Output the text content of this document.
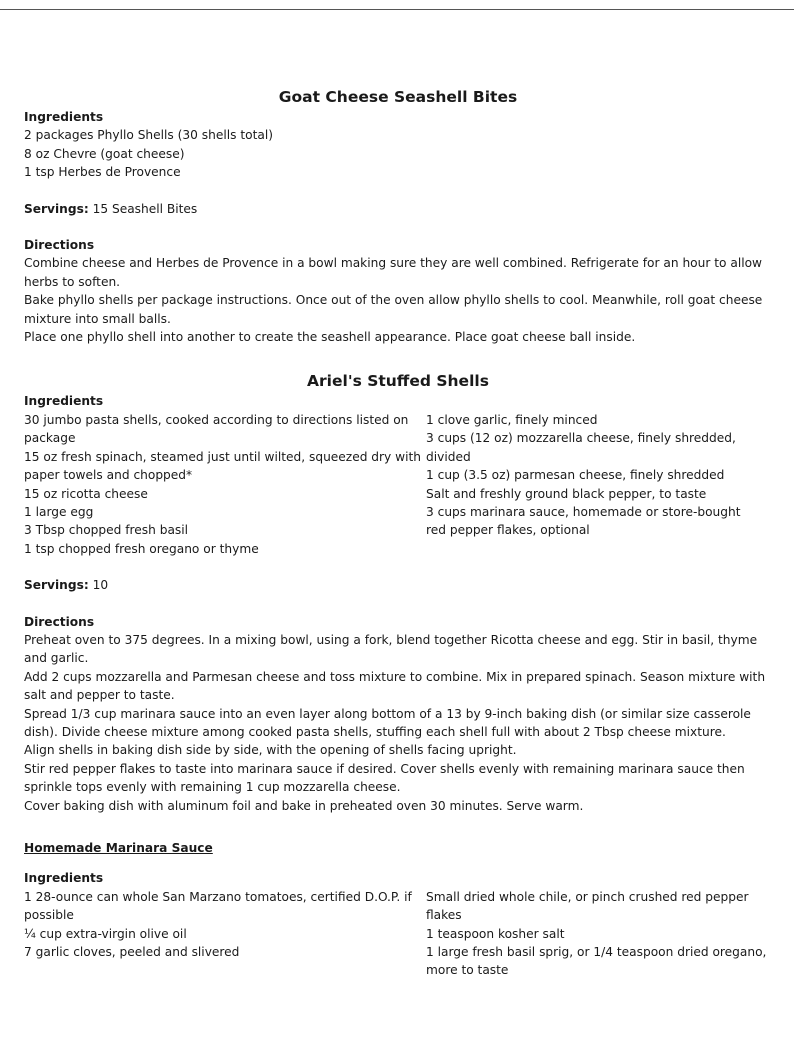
Goat Cheese Seashell Bites
Ingredients

2 packages Phyllo Shells (30 shells total)

8 oz Chevre (goat cheese)

1 tsp Herbes de Provence

Servings: 15 Seashell Bites
Directions

Combine cheese and Herbes de Provence in a bowl making sure they are well combined. Refrigerate for an hour to allow herbs to soften.

Bake phyllo shells per package instructions. Once out of the oven allow phyllo shells to cool. Meanwhile, roll goat cheese mixture into small balls.

Place one phyllo shell into another to create the seashell appearance. Place goat cheese ball inside.

Ariel's Stuffed Shells
Ingredients

30 jumbo pasta shells, cooked according to directions listed on package

15 oz fresh spinach, steamed just until wilted, squeezed dry with paper towels and chopped*

15 oz ricotta cheese

1 large egg

3 Tbsp chopped fresh basil

1 tsp chopped fresh oregano or thyme

1 clove garlic, finely minced

3 cups (12 oz) mozzarella cheese, finely shredded, divided

1 cup (3.5 oz) parmesan cheese, finely shredded

Salt and freshly ground black pepper, to taste

3 cups marinara sauce, homemade or store-bought

red pepper flakes, optional

Servings: 10
Directions

Preheat oven to 375 degrees. In a mixing bowl, using a fork, blend together Ricotta cheese and egg. Stir in basil, thyme and garlic.

Add 2 cups mozzarella and Parmesan cheese and toss mixture to combine. Mix in prepared spinach. Season mixture with salt and pepper to taste.

Spread 1/3 cup marinara sauce into an even layer along bottom of a 13 by 9-inch baking dish (or similar size casserole dish). Divide cheese mixture among cooked pasta shells, stuffing each shell full with about 2 Tbsp cheese mixture.

Align shells in baking dish side by side, with the opening of shells facing upright.

Stir red pepper flakes to taste into marinara sauce if desired. Cover shells evenly with remaining marinara sauce then sprinkle tops evenly with remaining 1 cup mozzarella cheese.

Cover baking dish with aluminum foil and bake in preheated oven 30 minutes. Serve warm.

Homemade Marinara Sauce
Ingredients

1 28-ounce can whole San Marzano tomatoes, certified D.O.P. if possible

¼ cup extra-virgin olive oil

7 garlic cloves, peeled and slivered

Small dried whole chile, or pinch crushed red pepper flakes

1 teaspoon kosher salt

1 large fresh basil sprig, or 1/4 teaspoon dried oregano, more to taste
